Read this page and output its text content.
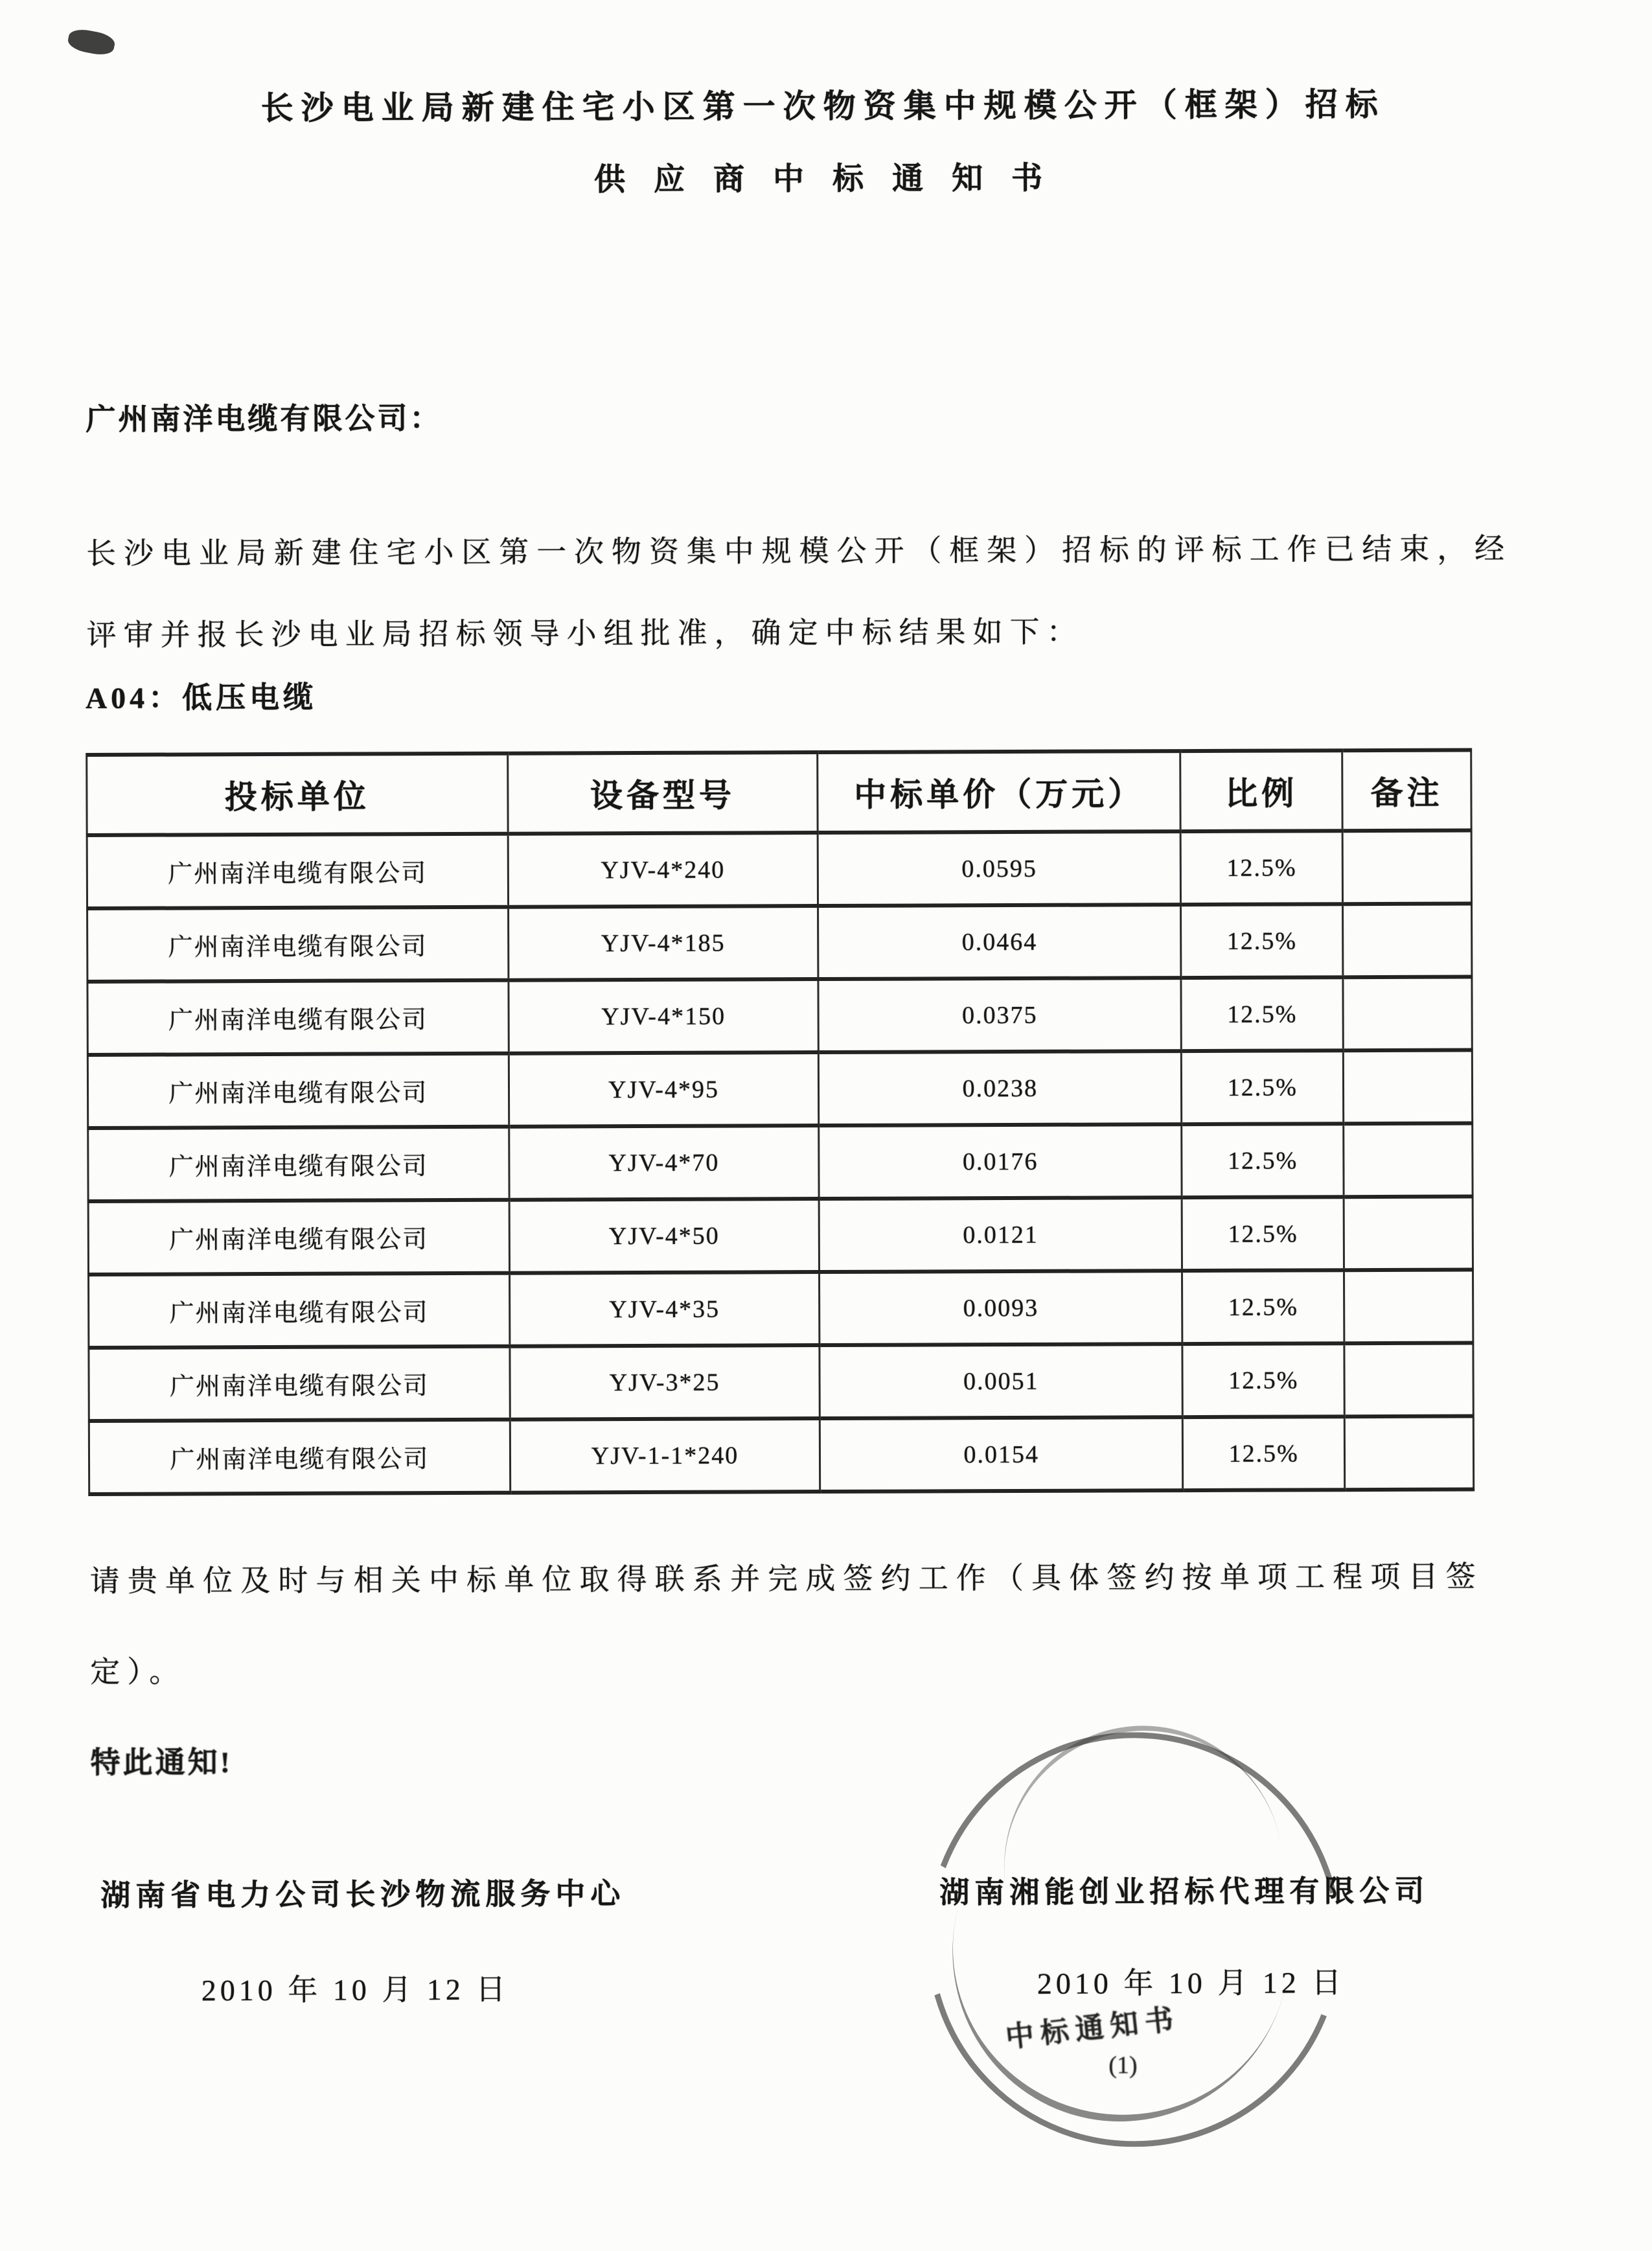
长沙电业局新建住宅小区第一次物资集中规模公开（框架）招标
供 应 商 中 标 通 知 书
广州南洋电缆有限公司：
长沙电业局新建住宅小区第一次物资集中规模公开（框架）招标的评标工作已结束，经评审并报长沙电业局招标领导小组批准，确定中标结果如下：
A04：低压电缆
投标单位	设备型号	中标单价（万元）	比例	备注
广州南洋电缆有限公司	YJV-4*240	0.0595	12.5%	
广州南洋电缆有限公司	YJV-4*185	0.0464	12.5%	
广州南洋电缆有限公司	YJV-4*150	0.0375	12.5%	
广州南洋电缆有限公司	YJV-4*95	0.0238	12.5%	
广州南洋电缆有限公司	YJV-4*70	0.0176	12.5%	
广州南洋电缆有限公司	YJV-4*50	0.0121	12.5%	
广州南洋电缆有限公司	YJV-4*35	0.0093	12.5%	
广州南洋电缆有限公司	YJV-3*25	0.0051	12.5%	
广州南洋电缆有限公司	YJV-1-1*240	0.0154	12.5%	
请贵单位及时与相关中标单位取得联系并完成签约工作（具体签约按单项工程项目签定）。
特此通知!
中标通知书
(1)
湖南省电力公司长沙物流服务中心
2010 年 10 月 12 日
湖南湘能创业招标代理有限公司
2010 年 10 月 12 日
